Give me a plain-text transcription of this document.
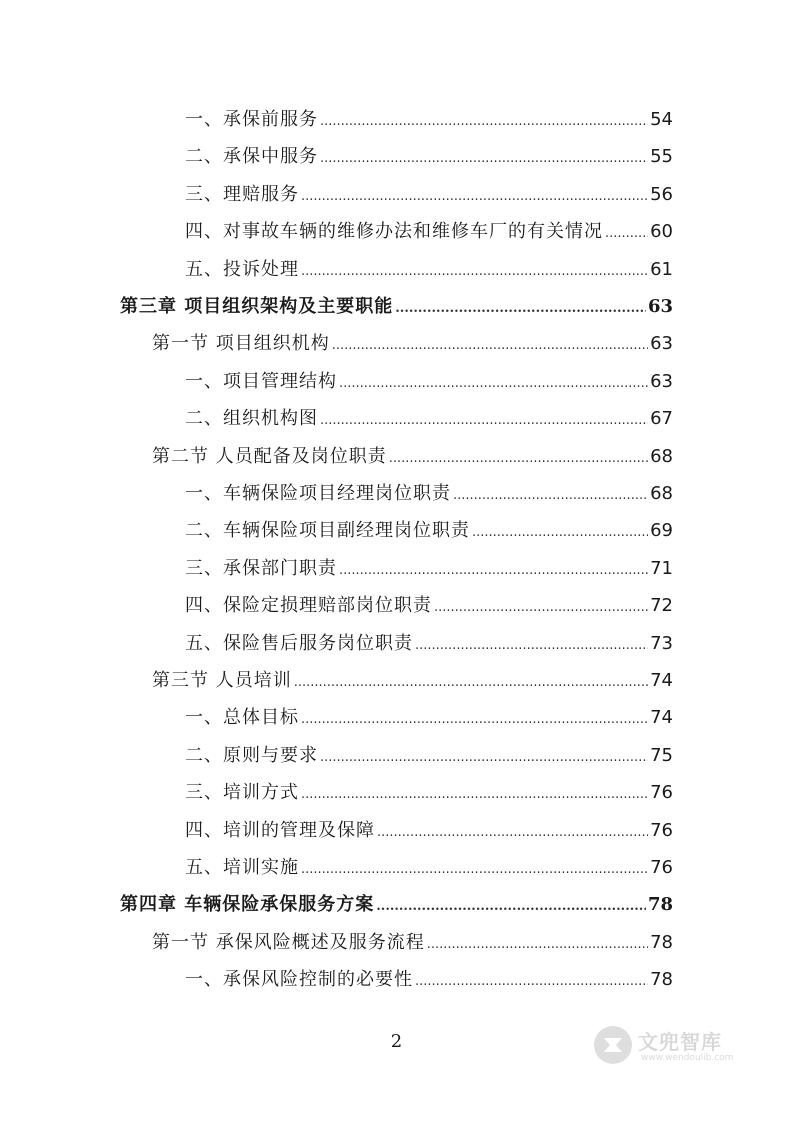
一、承保前服务 .....	54
二、承保中服务 .....	55
三、理赔服务 .....	56
四、对事故车辆的维修办法和维修车厂的有关情况 .....	60
五、投诉处理 .....	61
第三章 项目组织架构及主要职能 .....	63
第一节 项目组织机构 .....	63
一、项目管理结构 .....	63
二、组织机构图 .....	67
第二节 人员配备及岗位职责 .....	68
一、车辆保险项目经理岗位职责 .....	68
二、车辆保险项目副经理岗位职责 .....	69
三、承保部门职责 .....	71
四、保险定损理赔部岗位职责 .....	72
五、保险售后服务岗位职责 .....	73
第三节 人员培训 .....	74
一、总体目标 .....	74
二、原则与要求 .....	75
三、培训方式 .....	76
四、培训的管理及保障 .....	76
五、培训实施 .....	76
第四章 车辆保险承保服务方案 .....	78
第一节 承保风险概述及服务流程 .....	78
一、承保风险控制的必要性 .....	78
2	文兜智库
www.wendoulib.com
